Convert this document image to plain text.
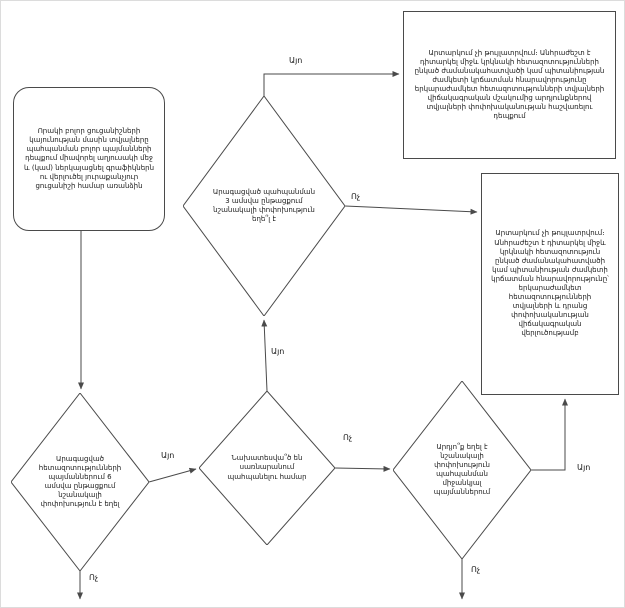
Որակի բոլոր ցուցանիշների կայունության մասին տվյալները պահպանման բոլոր պայմանների դեպքում միավորել աղյուսակի մեջ և (կամ) ներկայացնել գրաֆիկներն ու վերլուծել յուրաքանչյուր ցուցանիշի համար առանձին
Արտարկում չի թույլատրվում։ Անհրաժեշտ է դիտարկել միջև կրկնակի հետազոտությունների ընկած ժամանակահատվածի կամ պիտանիության ժամկետի կրճատման հնարավորությունը երկարաժամկետ հետազոտությունների տվյալների վիճակագրական մշակումից արդյունքներով տվյալների փոփոխականության հաշվառելու դեպքում
Արտարկում չի թույլատրվում։ Անհրաժեշտ է դիտարկել միջև կրկնակի հետազոտություն ընկած ժամանակահատվածի կամ պիտանիության ժամկետի կրճատման հնարավորությունը՝ երկարաժամկետ հետազոտությունների տվյալների և դրանց փոփոխականության վիճակագրական վերլուծությամբ
Արագացված պահպանման 3 ամսվա ընթացքում նշանակալի փոփոխություն եղե՞լ է
Արագացված հետազոտությունների պայմաններում 6 ամսվա ընթացքում նշանակալի փոփոխություն է եղել
Նախատեսվա՞ծ են սառնարանում պահպանելու համար
Արդյո՞ք եղել է նշանակալի փոփոխություն պահպանման միջանկյալ պայմաններում
Այո
Ոչ
Այո
Ոչ
Այո
Ոչ
Այո
Ոչ
